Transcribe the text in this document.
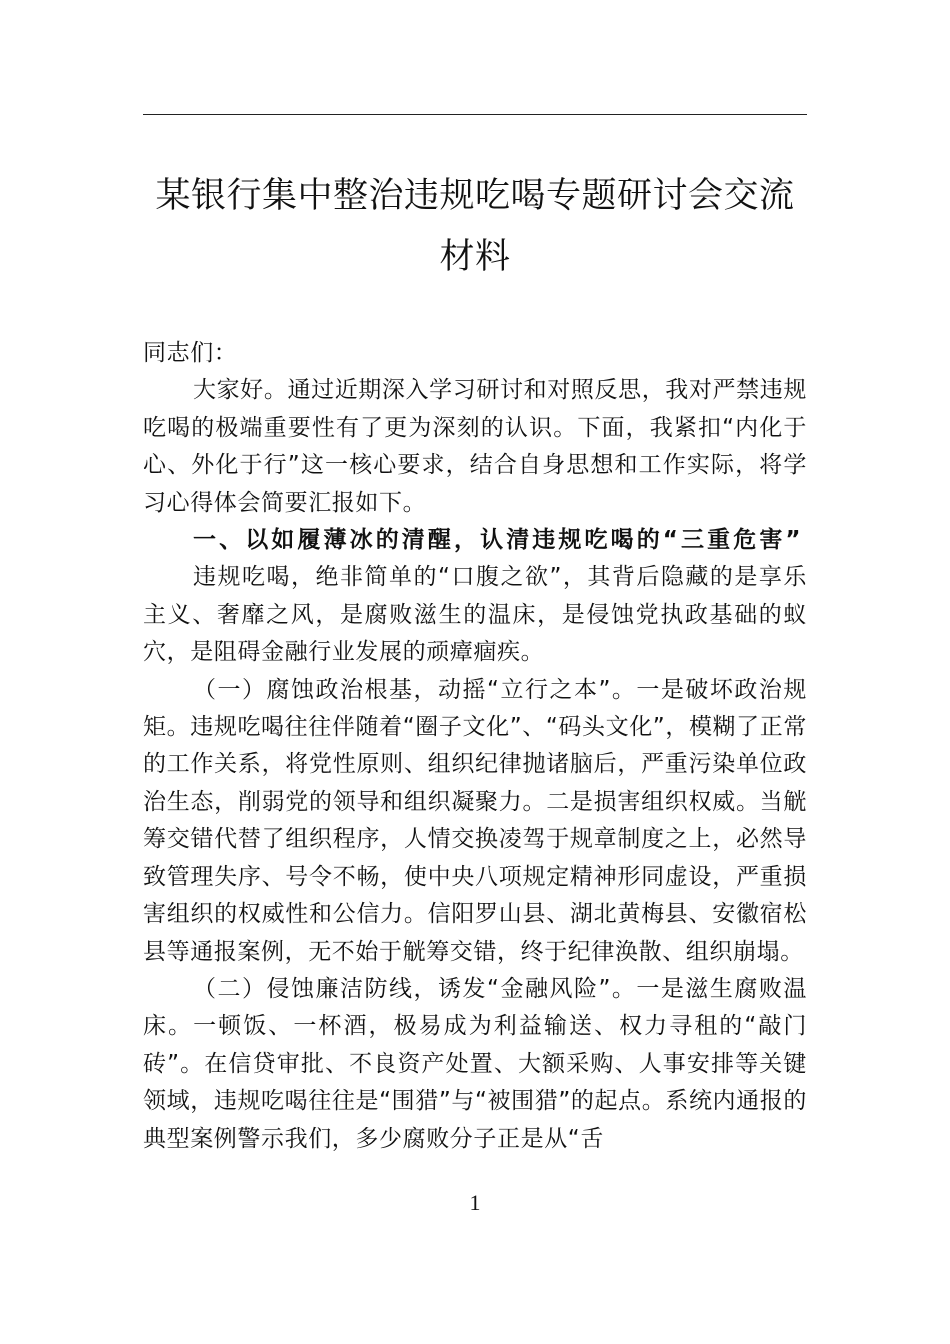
某银行集中整治违规吃喝专题研讨会交流材料

同志们：

大家好。通过近期深入学习研讨和对照反思，我对严禁违规吃喝的极端重要性有了更为深刻的认识。下面，我紧扣“内化于心、外化于行”这一核心要求，结合自身思想和工作实际，将学习心得体会简要汇报如下。

一、以如履薄冰的清醒，认清违规吃喝的“三重危害”

违规吃喝，绝非简单的“口腹之欲”，其背后隐藏的是享乐主义、奢靡之风，是腐败滋生的温床，是侵蚀党执政基础的蚁穴，是阻碍金融行业发展的顽瘴痼疾。

（一）腐蚀政治根基，动摇“立行之本”。一是破坏政治规矩。违规吃喝往往伴随着“圈子文化”、“码头文化”，模糊了正常的工作关系，将党性原则、组织纪律抛诸脑后，严重污染单位政治生态，削弱党的领导和组织凝聚力。二是损害组织权威。当觥筹交错代替了组织程序，人情交换凌驾于规章制度之上，必然导致管理失序、号令不畅，使中央八项规定精神形同虚设，严重损害组织的权威性和公信力。信阳罗山县、湖北黄梅县、安徽宿松县等通报案例，无不始于觥筹交错，终于纪律涣散、组织崩塌。

（二）侵蚀廉洁防线，诱发“金融风险”。一是滋生腐败温床。一顿饭、一杯酒，极易成为利益输送、权力寻租的“敲门砖”。在信贷审批、不良资产处置、大额采购、人事安排等关键领域，违规吃喝往往是“围猎”与“被围猎”的起点。系统内通报的典型案例警示我们，多少腐败分子正是从“舌

1
